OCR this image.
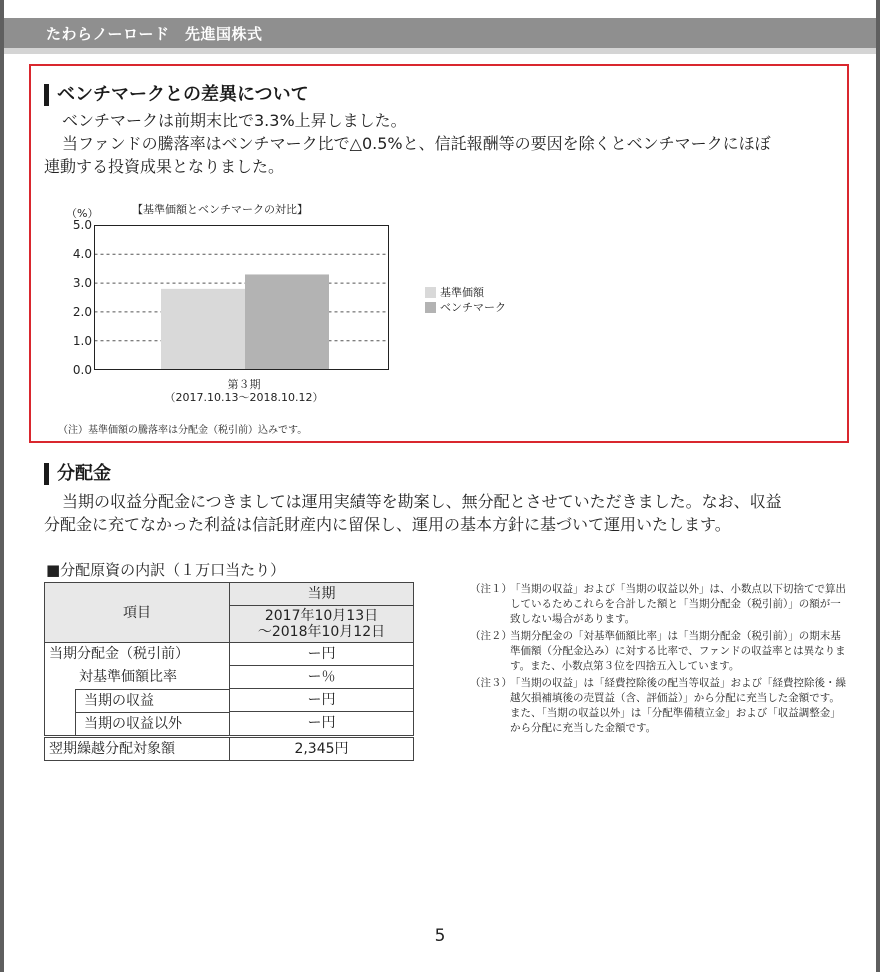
たわらノーロード　先進国株式
ベンチマークとの差異について
ベンチマークは前期末比で3.3%上昇しました。
当ファンドの騰落率はベンチマーク比で△0.5%と、信託報酬等の要因を除くとベンチマークにほぼ
連動する投資成果となりました。
【基準価額とベンチマークの対比】
（%）
5.0
4.0
3.0
2.0
1.0
0.0
第３期
（2017.10.13〜2018.10.12）
基準価額
ベンチマーク
（注）基準価額の騰落率は分配金（税引前）込みです。
分配金
当期の収益分配金につきましては運用実績等を勘案し、無分配とさせていただきました。なお、収益
分配金に充てなかった利益は信託財産内に留保し、運用の基本方針に基づいて運用いたします。
■分配原資の内訳（１万口当たり）
項目	当期

	2017年10月13日
〜2018年10月12日

当期分配金（税引前）	ー円
対基準価額比率	ー％

当期の収益	ー円

当期の収益以外	ー円
翌期繰越分配対象額	2,345円
（注１）
「当期の収益」および「当期の収益以外」は、小数点以下切捨てで算出しているためこれらを合計した額と「当期分配金（税引前）」の額が一致しない場合があります。
（注２）
当期分配金の「対基準価額比率」は「当期分配金（税引前）」の期末基準価額（分配金込み）に対する比率で、ファンドの収益率とは異なります。また、小数点第３位を四捨五入しています。
（注３）
「当期の収益」は「経費控除後の配当等収益」および「経費控除後・繰越欠損補填後の売買益（含、評価益）」から分配に充当した金額です。また、「当期の収益以外」は「分配準備積立金」および「収益調整金」から分配に充当した金額です。
5
